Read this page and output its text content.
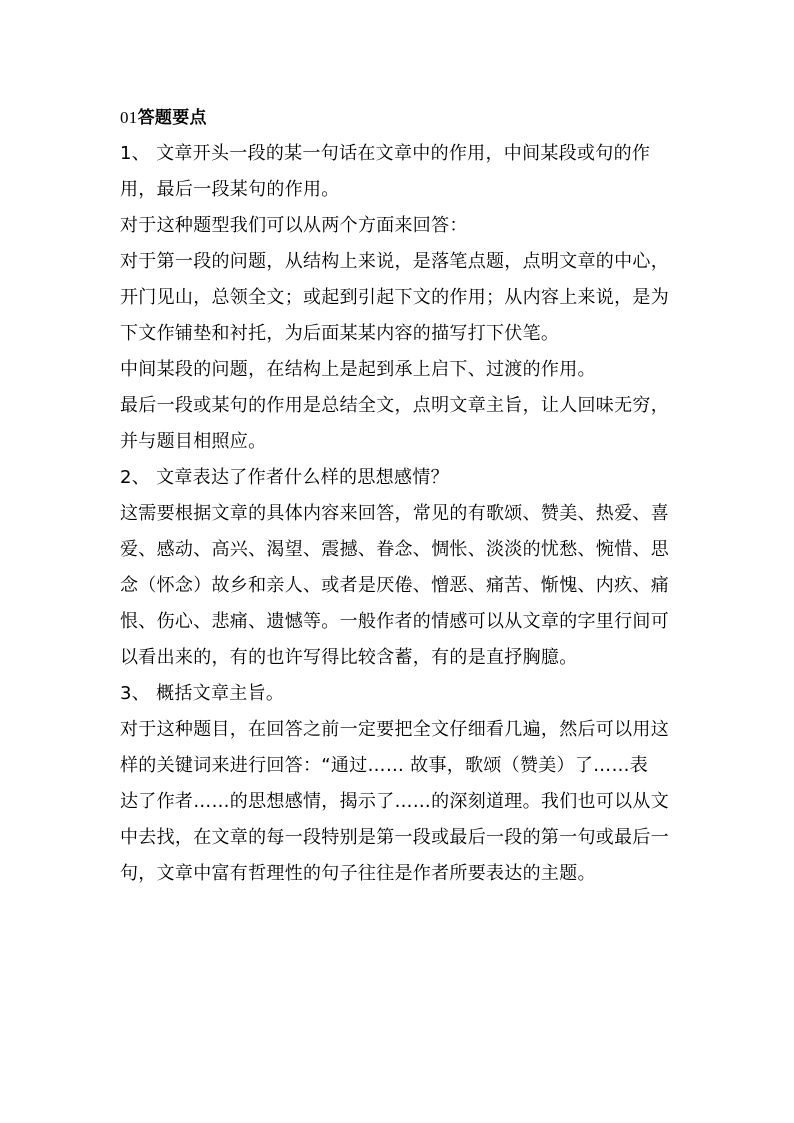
01答题要点
1、 文章开头一段的某一句话在文章中的作用，中间某段或句的作
用，最后一段某句的作用。
对于这种题型我们可以从两个方面来回答：
对于第一段的问题，从结构上来说，是落笔点题，点明文章的中心，
开门见山，总领全文；或起到引起下文的作用；从内容上来说，是为
下文作铺垫和衬托，为后面某某内容的描写打下伏笔。
中间某段的问题，在结构上是起到承上启下、过渡的作用。
最后一段或某句的作用是总结全文，点明文章主旨，让人回味无穷，
并与题目相照应。
2、 文章表达了作者什么样的思想感情？
这需要根据文章的具体内容来回答，常见的有歌颂、赞美、热爱、喜
爱、感动、高兴、渴望、震撼、眷念、惆怅、淡淡的忧愁、惋惜、思
念（怀念）故乡和亲人、或者是厌倦、憎恶、痛苦、惭愧、内疚、痛
恨、伤心、悲痛、遗憾等。一般作者的情感可以从文章的字里行间可
以看出来的，有的也许写得比较含蓄，有的是直抒胸臆。
3、 概括文章主旨。
对于这种题目，在回答之前一定要把全文仔细看几遍，然后可以用这
样的关键词来进行回答：“通过…… 故事，歌颂（赞美）了……表
达了作者……的思想感情，揭示了……的深刻道理。我们也可以从文
中去找，在文章的每一段特别是第一段或最后一段的第一句或最后一
句，文章中富有哲理性的句子往往是作者所要表达的主题。
